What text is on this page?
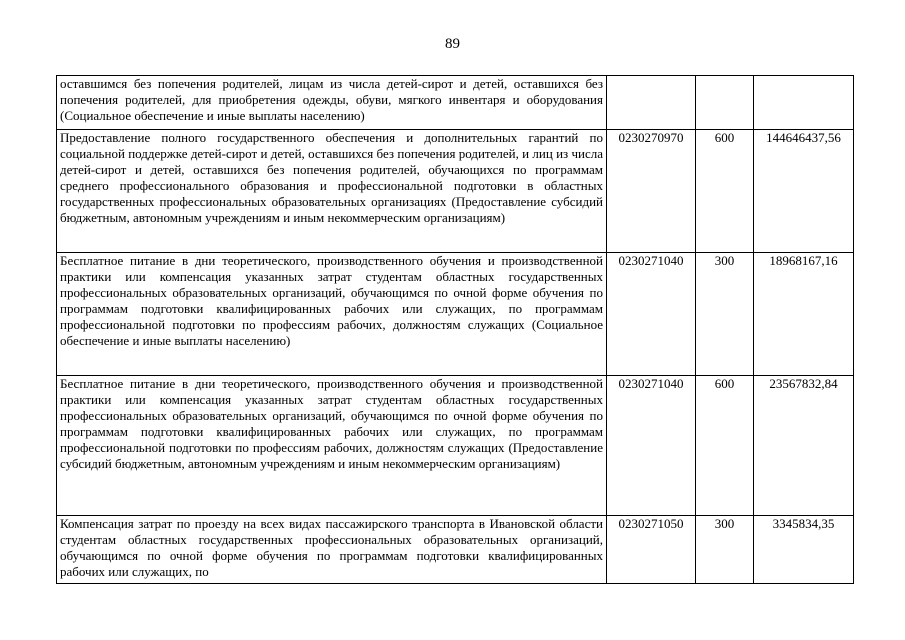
89
оставшимся без попечения родителей, лицам из числа детей-сирот и детей, оставшихся без попечения родителей, для приобретения одежды, обуви, мягкого инвентаря и оборудования (Социальное обеспечение и иные выплаты населению)			
Предоставление полного государственного обеспечения и дополнительных гарантий по социальной поддержке детей-сирот и детей, оставшихся без попечения родителей, и лиц из числа детей-сирот и детей, оставшихся без попечения родителей, обучающихся по программам среднего профессионального образования и профессиональной подготовки в областных государственных профессиональных образовательных организациях (Предоставление субсидий бюджетным, автономным учреждениям и иным некоммерческим организациям)	0230270970	600	144646437,56
Бесплатное питание в дни теоретического, производственного обучения и производственной практики или компенсация указанных затрат студентам областных государственных профессиональных образовательных организаций, обучающимся по очной форме обучения по программам подготовки квалифицированных рабочих или служащих, по программам профессиональной подготовки по профессиям рабочих, должностям служащих (Социальное обеспечение и иные выплаты населению)	0230271040	300	18968167,16
Бесплатное питание в дни теоретического, производственного обучения и производственной практики или компенсация указанных затрат студентам областных государственных профессиональных образовательных организаций, обучающимся по очной форме обучения по программам подготовки квалифицированных рабочих или служащих, по программам профессиональной подготовки по профессиям рабочих, должностям служащих (Предоставление субсидий бюджетным, автономным учреждениям и иным некоммерческим организациям)	0230271040	600	23567832,84
Компенсация затрат по проезду на всех видах пассажирского транспорта в Ивановской области студентам областных государственных профессиональных образовательных организаций, обучающимся по очной форме обучения по программам подготовки квалифицированных рабочих или служащих, по	0230271050	300	3345834,35
